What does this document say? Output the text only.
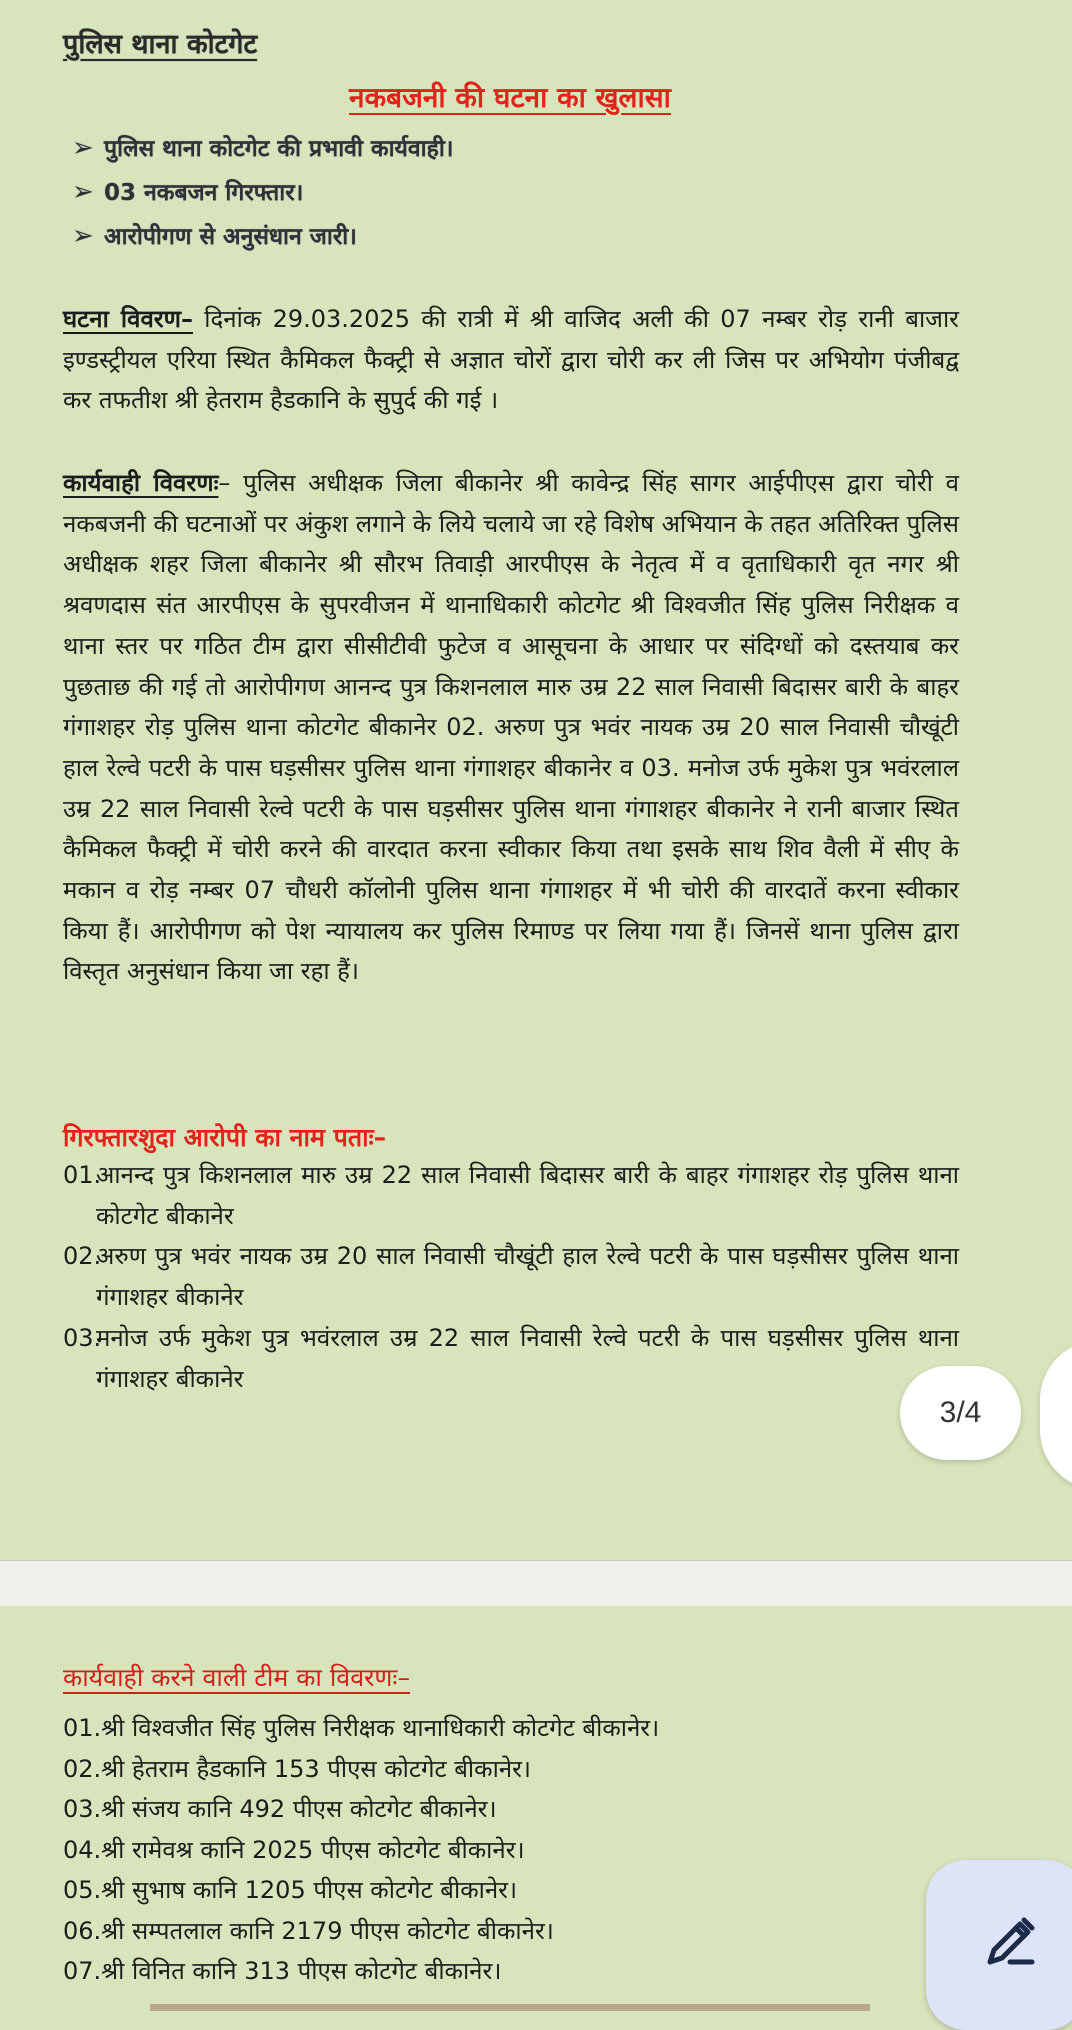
पुलिस थाना कोटगेट
नकबजनी की घटना का खुलासा
➢ पुलिस थाना कोटगेट की प्रभावी कार्यवाही।
➢ 03 नकबजन गिरफ्तार।
➢ आरोपीगण से अनुसंधान जारी।
घटना विवरण– दिनांक 29.03.2025 की रात्री में श्री वाजिद अली की 07 नम्बर रोड़ रानी बाजार इण्डस्ट्रीयल एरिया स्थित कैमिकल फैक्ट्री से अज्ञात चोरों द्वारा चोरी कर ली जिस पर अभियोग पंजीबद्व कर तफतीश श्री हेतराम हैडकानि के सुपुर्द की गई ।
कार्यवाही विवरणः– पुलिस अधीक्षक जिला बीकानेर श्री कावेन्द्र सिंह सागर आईपीएस द्वारा चोरी व नकबजनी की घटनाओं पर अंकुश लगाने के लिये चलाये जा रहे विशेष अभियान के तहत अतिरिक्त पुलिस अधीक्षक शहर जिला बीकानेर श्री सौरभ तिवाड़ी आरपीएस के नेतृत्व में व वृताधिकारी वृत नगर श्री श्रवणदास संत आरपीएस के सुपरवीजन में थानाधिकारी कोटगेट श्री विश्वजीत सिंह पुलिस निरीक्षक व थाना स्तर पर गठित टीम द्वारा सीसीटीवी फुटेज व आसूचना के आधार पर संदिग्धों को दस्तयाब कर पुछताछ की गई तो आरोपीगण आनन्द पुत्र किशनलाल मारु उम्र 22 साल निवासी बिदासर बारी के बाहर गंगाशहर रोड़ पुलिस थाना कोटगेट बीकानेर 02. अरुण पुत्र भवंर नायक उम्र 20 साल निवासी चौखूंटी हाल रेल्वे पटरी के पास घड़सीसर पुलिस थाना गंगाशहर बीकानेर व 03. मनोज उर्फ मुकेश पुत्र भवंरलाल उम्र 22 साल निवासी रेल्वे पटरी के पास घड़सीसर पुलिस थाना गंगाशहर बीकानेर ने रानी बाजार स्थित कैमिकल फैक्ट्री में चोरी करने की वारदात करना स्वीकार किया तथा इसके साथ शिव वैली में सीए के मकान व रोड़ नम्बर 07 चौधरी कॉलोनी पुलिस थाना गंगाशहर में भी चोरी की वारदातें करना स्वीकार किया हैं। आरोपीगण को पेश न्यायालय कर पुलिस रिमाण्ड पर लिया गया हैं। जिनसें थाना पुलिस द्वारा विस्तृत अनुसंधान किया जा रहा हैं।
गिरफ्तारशुदा आरोपी का नाम पताः–
01.
आनन्द पुत्र किशनलाल मारु उम्र 22 साल निवासी बिदासर बारी के बाहर गंगाशहर रोड़ पुलिस थाना कोटगेट बीकानेर
02.
अरुण पुत्र भवंर नायक उम्र 20 साल निवासी चौखूंटी हाल रेल्वे पटरी के पास घड़सीसर पुलिस थाना गंगाशहर बीकानेर
03.
मनोज उर्फ मुकेश पुत्र भवंरलाल उम्र 22 साल निवासी रेल्वे पटरी के पास घड़सीसर पुलिस थाना गंगाशहर बीकानेर
कार्यवाही करने वाली टीम का विवरणः–
01.श्री विश्वजीत सिंह पुलिस निरीक्षक थानाधिकारी कोटगेट बीकानेर।
02.श्री हेतराम हैडकानि 153 पीएस कोटगेट बीकानेर।
03.श्री संजय कानि 492 पीएस कोटगेट बीकानेर।
04.श्री रामेवश्र कानि 2025 पीएस कोटगेट बीकानेर।
05.श्री सुभाष कानि 1205 पीएस कोटगेट बीकानेर।
06.श्री सम्पतलाल कानि 2179 पीएस कोटगेट बीकानेर।
07.श्री विनित कानि 313 पीएस कोटगेट बीकानेर।
3/4
